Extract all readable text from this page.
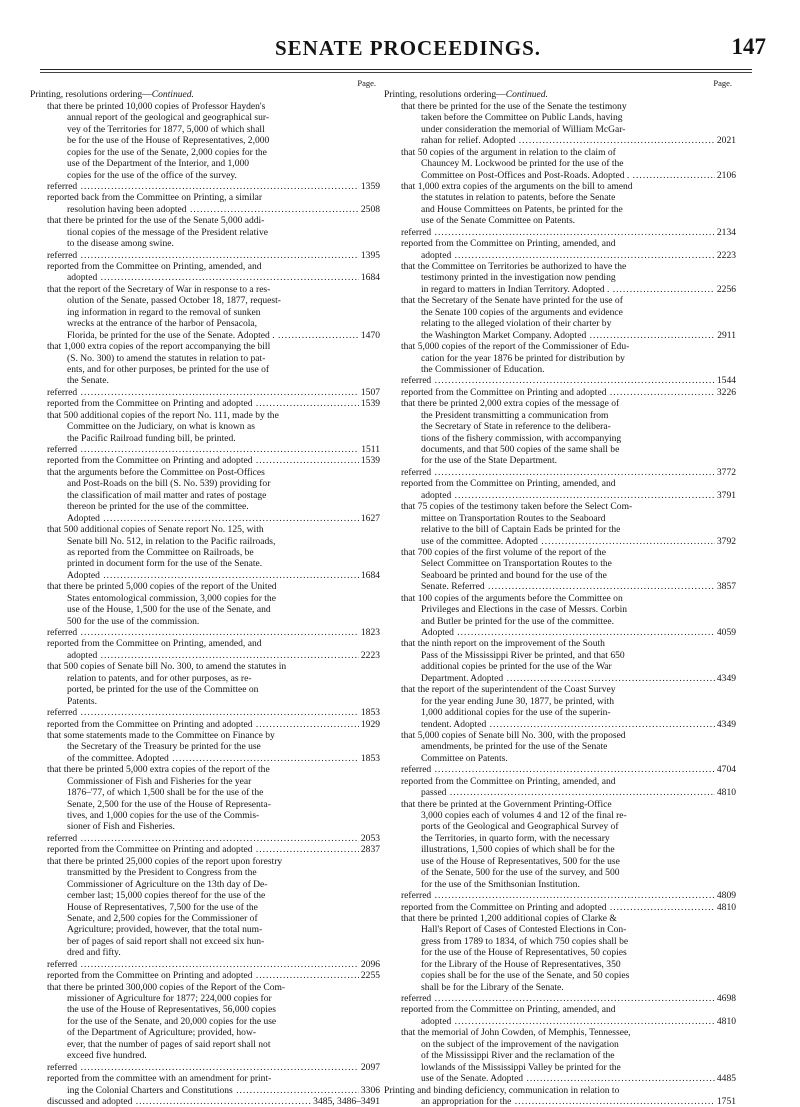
SENATE PROCEEDINGS.	147
Page.
Printing, resolutions ordering—Continued.
that there be printed 10,000 copies of Professor Hayden's
annual report of the geological and geographical sur-
vey of the Territories for 1877, 5,000 of which shall
be for the use of the House of Representatives, 2,000
copies for the use of the Senate, 2,000 copies for the
use of the Department of the Interior, and 1,000
copies for the use of the office of the survey.
referred .....	1359
reported back from the Committee on Printing, a similar
resolution having been adopted .....	2508
that there be printed for the use of the Senate 5,000 addi-
tional copies of the message of the President relative
to the disease among swine.
referred .....	1395
reported from the Committee on Printing, amended, and
adopted .....	1684
that the report of the Secretary of War in response to a res-
olution of the Senate, passed October 18, 1877, request-
ing information in regard to the removal of sunken
wrecks at the entrance of the harbor of Pensacola,
Florida, be printed for the use of the Senate. Adopted . .....	1470
that 1,000 extra copies of the report accompanying the bill
(S. No. 300) to amend the statutes in relation to pat-
ents, and for other purposes, be printed for the use of
the Senate.
referred .....	1507
reported from the Committee on Printing and adopted .....	1539
that 500 additional copies of the report No. 111, made by the
Committee on the Judiciary, on what is known as
the Pacific Railroad funding bill, be printed.
referred .....	1511
reported from the Committee on Printing and adopted .....	1539
that the arguments before the Committee on Post-Offices
and Post-Roads on the bill (S. No. 539) providing for
the classification of mail matter and rates of postage
thereon be printed for the use of the committee.
Adopted .....	1627
that 500 additional copies of Senate report No. 125, with
Senate bill No. 512, in relation to the Pacific railroads,
as reported from the Committee on Railroads, be
printed in document form for the use of the Senate.
Adopted .....	1684
that there be printed 5,000 copies of the report of the United
States entomological commission, 3,000 copies for the
use of the House, 1,500 for the use of the Senate, and
500 for the use of the commission.
referred .....	1823
reported from the Committee on Printing, amended, and
adopted .....	2223
that 500 copies of Senate bill No. 300, to amend the statutes in
relation to patents, and for other purposes, as re-
ported, be printed for the use of the Committee on
Patents.
referred .....	1853
reported from the Committee on Printing and adopted .....	1929
that some statements made to the Committee on Finance by
the Secretary of the Treasury be printed for the use
of the committee. Adopted .....	1853
that there be printed 5,000 extra copies of the report of the
Commissioner of Fish and Fisheries for the year
1876–'77, of which 1,500 shall be for the use of the
Senate, 2,500 for the use of the House of Representa-
tives, and 1,000 copies for the use of the Commis-
sioner of Fish and Fisheries.
referred .....	2053
reported from the Committee on Printing and adopted .....	2837
that there be printed 25,000 copies of the report upon forestry
transmitted by the President to Congress from the
Commissioner of Agriculture on the 13th day of De-
cember last; 15,000 copies thereof for the use of the
House of Representatives, 7,500 for the use of the
Senate, and 2,500 copies for the Commissioner of
Agriculture; provided, however, that the total num-
ber of pages of said report shall not exceed six hun-
dred and fifty.
referred .....	2096
reported from the Committee on Printing and adopted .....	2255
that there be printed 300,000 copies of the Report of the Com-
missioner of Agriculture for 1877; 224,000 copies for
the use of the House of Representatives, 56,000 copies
for the use of the Senate, and 20,000 copies for the use
of the Department of Agriculture; provided, how-
ever, that the number of pages of said report shall not
exceed five hundred.
referred .....	2097
reported from the committee with an amendment for print-
ing the Colonial Charters and Constitutions .....	3306
discussed and adopted .....	3485, 3486–3491
Page.
Printing, resolutions ordering—Continued.
that there be printed for the use of the Senate the testimony
taken before the Committee on Public Lands, having
under consideration the memorial of William McGar-
rahan for relief. Adopted .....	2021
that 50 copies of the argument in relation to the claim of
Chauncey M. Lockwood be printed for the use of the
Committee on Post-Offices and Post-Roads. Adopted . .....	2106
that 1,000 extra copies of the arguments on the bill to amend
the statutes in relation to patents, before the Senate
and House Committees on Patents, be printed for the
use of the Senate Committee on Patents.
referred .....	2134
reported from the Committee on Printing, amended, and
adopted .....	2223
that the Committee on Territories be authorized to have the
testimony printed in the investigation now pending
in regard to matters in Indian Territory. Adopted . .....	2256
that the Secretary of the Senate have printed for the use of
the Senate 100 copies of the arguments and evidence
relating to the alleged violation of their charter by
the Washington Market Company. Adopted .....	2911
that 5,000 copies of the report of the Commissioner of Edu-
cation for the year 1876 be printed for distribution by
the Commissioner of Education.
referred .....	1544
reported from the Committee on Printing and adopted .....	3226
that there be printed 2,000 extra copies of the message of
the President transmitting a communication from
the Secretary of State in reference to the delibera-
tions of the fishery commission, with accompanying
documents, and that 500 copies of the same shall be
for the use of the State Department.
referred .....	3772
reported from the Committee on Printing, amended, and
adopted .....	3791
that 75 copies of the testimony taken before the Select Com-
mittee on Transportation Routes to the Seaboard
relative to the bill of Captain Eads be printed for the
use of the committee. Adopted .....	3792
that 700 copies of the first volume of the report of the
Select Committee on Transportation Routes to the
Seaboard be printed and bound for the use of the
Senate. Referred .....	3857
that 100 copies of the arguments before the Committee on
Privileges and Elections in the case of Messrs. Corbin
and Butler be printed for the use of the committee.
Adopted .....	4059
that the ninth report on the improvement of the South
Pass of the Mississippi River be printed, and that 650
additional copies be printed for the use of the War
Department. Adopted .....	4349
that the report of the superintendent of the Coast Survey
for the year ending June 30, 1877, be printed, with
1,000 additional copies for the use of the superin-
tendent. Adopted .....	4349
that 5,000 copies of Senate bill No. 300, with the proposed
amendments, be printed for the use of the Senate
Committee on Patents.
referred .....	4704
reported from the Committee on Printing, amended, and
passed .....	4810
that there be printed at the Government Printing-Office
3,000 copies each of volumes 4 and 12 of the final re-
ports of the Geological and Geographical Survey of
the Territories, in quarto form, with the necessary
illustrations, 1,500 copies of which shall be for the
use of the House of Representatives, 500 for the use
of the Senate, 500 for the use of the survey, and 500
for the use of the Smithsonian Institution.
referred .....	4809
reported from the Committee on Printing and adopted .....	4810
that there be printed 1,200 additional copies of Clarke &
Hall's Report of Cases of Contested Elections in Con-
gress from 1789 to 1834, of which 750 copies shall be
for the use of the House of Representatives, 50 copies
for the Library of the House of Representatives, 350
copies shall be for the use of the Senate, and 50 copies
shall be for the Library of the Senate.
referred .....	4698
reported from the Committee on Printing, amended, and
adopted .....	4810
that the memorial of John Cowden, of Memphis, Tennessee,
on the subject of the improvement of the navigation
of the Mississippi River and the reclamation of the
lowlands of the Mississippi Valley be printed for the
use of the Senate. Adopted .....	4485
Printing and binding deficiency, communication in relation to
an appropriation for the .....	1751
